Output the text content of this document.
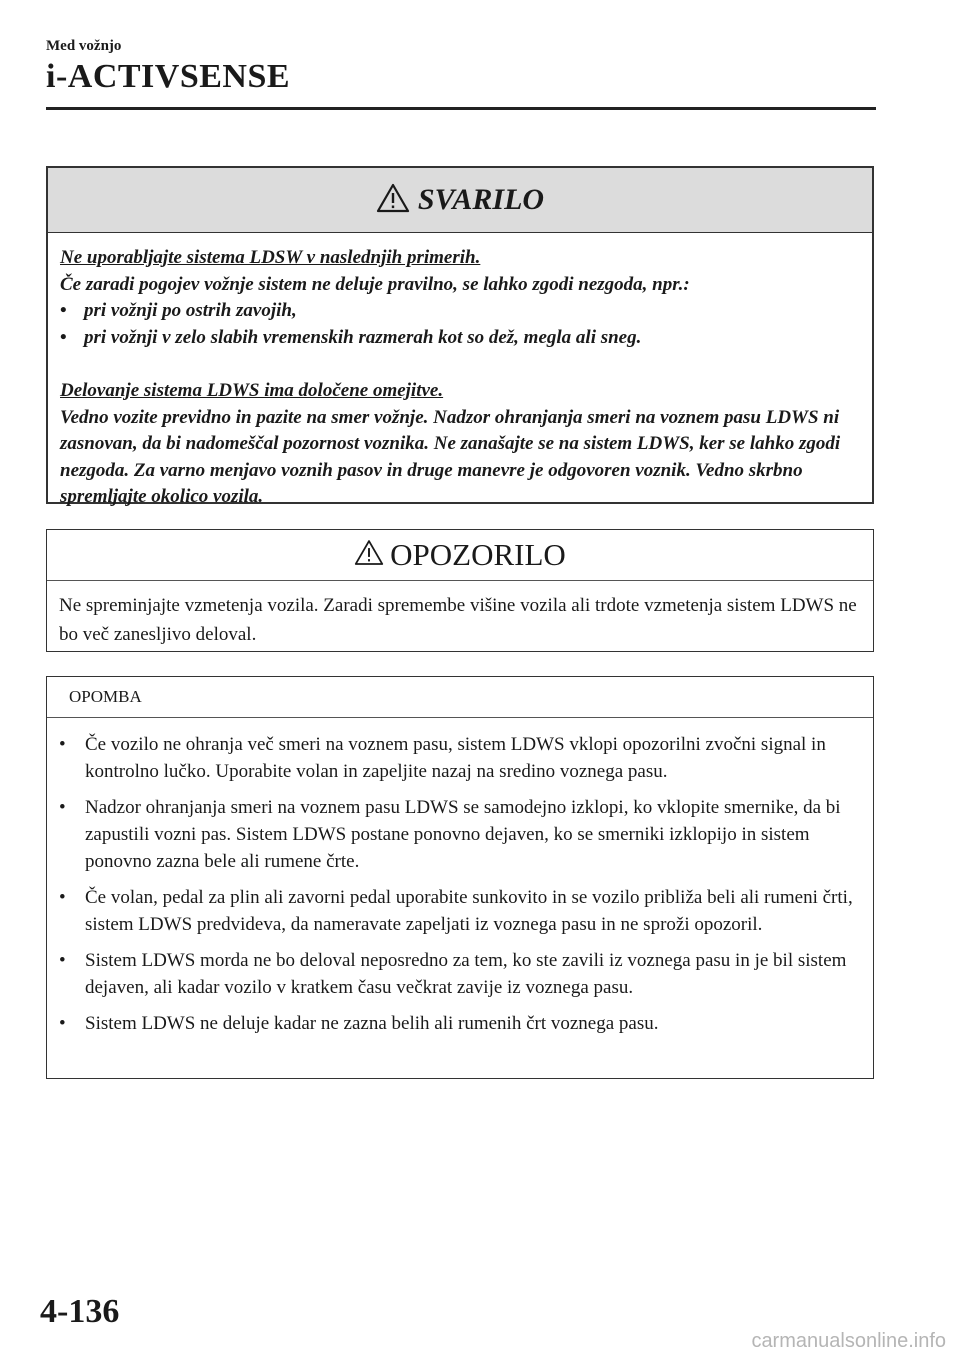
Med vožnjo
i-ACTIVSENSE
SVARILO
Ne uporabljajte sistema LDSW v naslednjih primerih.
Če zaradi pogojev vožnje sistem ne deluje pravilno, se lahko zgodi nezgoda, npr.:
• pri vožnji po ostrih zavojih,
• pri vožnji v zelo slabih vremenskih razmerah kot so dež, megla ali sneg.
Delovanje sistema LDWS ima določene omejitve.
Vedno vozite previdno in pazite na smer vožnje. Nadzor ohranjanja smeri na voznem pasu LDWS ni zasnovan, da bi nadomeščal pozornost voznika. Ne zanašajte se na sistem LDWS, ker se lahko zgodi nezgoda. Za varno menjavo voznih pasov in druge manevre je odgovoren voznik. Vedno skrbno spremljajte okolico vozila.
OPOZORILO
Ne spreminjajte vzmetenja vozila. Zaradi spremembe višine vozila ali trdote vzmetenja sistem LDWS ne bo več zanesljivo deloval.
OPOMBA
•	Če vozilo ne ohranja več smeri na voznem pasu, sistem LDWS vklopi opozorilni zvočni signal in kontrolno lučko. Uporabite volan in zapeljite nazaj na sredino voznega pasu.
•	Nadzor ohranjanja smeri na voznem pasu LDWS se samodejno izklopi, ko vklopite smernike, da bi zapustili vozni pas. Sistem LDWS postane ponovno dejaven, ko se smerniki izklopijo in sistem ponovno zazna bele ali rumene črte.
•	Če volan, pedal za plin ali zavorni pedal uporabite sunkovito in se vozilo približa beli ali rumeni črti, sistem LDWS predvideva, da nameravate zapeljati iz voznega pasu in ne sproži opozoril.
•	Sistem LDWS morda ne bo deloval neposredno za tem, ko ste zavili iz voznega pasu in je bil sistem dejaven, ali kadar vozilo v kratkem času večkrat zavije iz voznega pasu.
•	Sistem LDWS ne deluje kadar ne zazna belih ali rumenih črt voznega pasu.
4-136
carmanualsonline.info
